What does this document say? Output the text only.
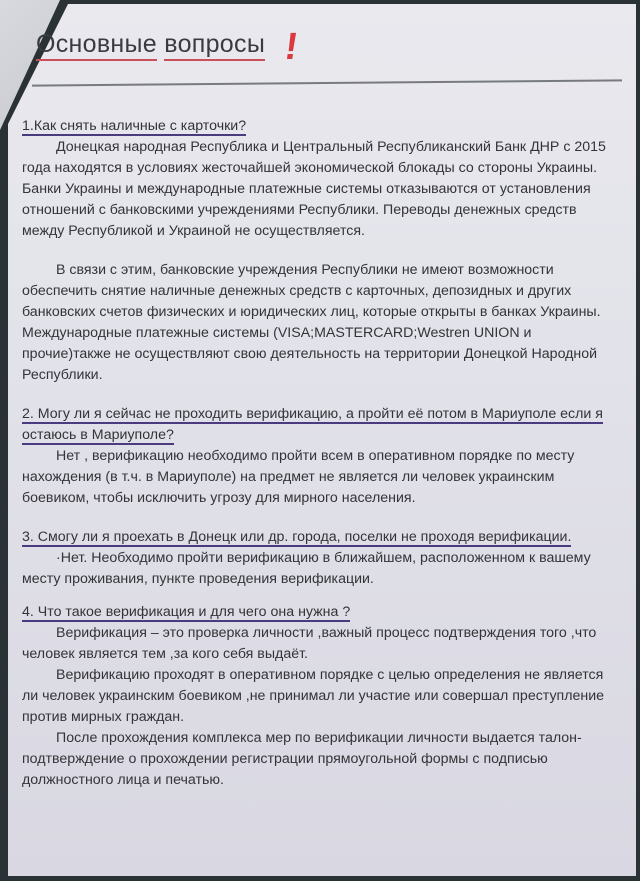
Основные вопросы !

1.Как снять наличные с карточки?

Донецкая народная Республика и Центральный Республиканский Банк ДНР с 2015 года находятся в условиях жесточайшей экономической блокады со стороны Украины. Банки Украины и международные платежные системы отказываются от установления отношений с банковскими учреждениями Республики. Переводы денежных средств между Республикой и Украиной не осуществляется.

В связи с этим, банковские учреждения Республики не имеют возможности обеспечить снятие наличные денежных средств с карточных, депозидных и других банковских счетов физических и юридических лиц, которые открыты в банках Украины. Международные платежные системы (VISA;MASTERCARD;Westren UNION и прочие)также не осуществляют свою деятельность на территории Донецкой Народной Республики.

2. Могу ли я сейчас не проходить верификацию, а пройти её потом в Мариуполе если я остаюсь в Мариуполе?

Нет , верификацию необходимо пройти всем в оперативном порядке по месту нахождения (в т.ч. в Мариуполе) на предмет не является ли человек украинским боевиком, чтобы исключить угрозу для мирного населения.

3. Смогу ли я проехать в Донецк или др. города, поселки не проходя верификации.

·Нет. Необходимо пройти верификацию в ближайшем, расположенном к вашему месту проживания, пункте проведения верификации.

4. Что такое верификация и для чего она нужна ?

Верификация – это проверка личности ,важный процесс подтверждения того ,что человек является тем ,за кого себя выдаёт.

Верификацию проходят в оперативном порядке с целью определения не является

ли человек украинским боевиком ,не принимал ли участие или совершал преступление против мирных граждан.

После прохождения комплекса мер по верификации личности выдается талон-подтверждение о прохождении регистрации прямоугольной формы с подписью должностного лица и печатью.
